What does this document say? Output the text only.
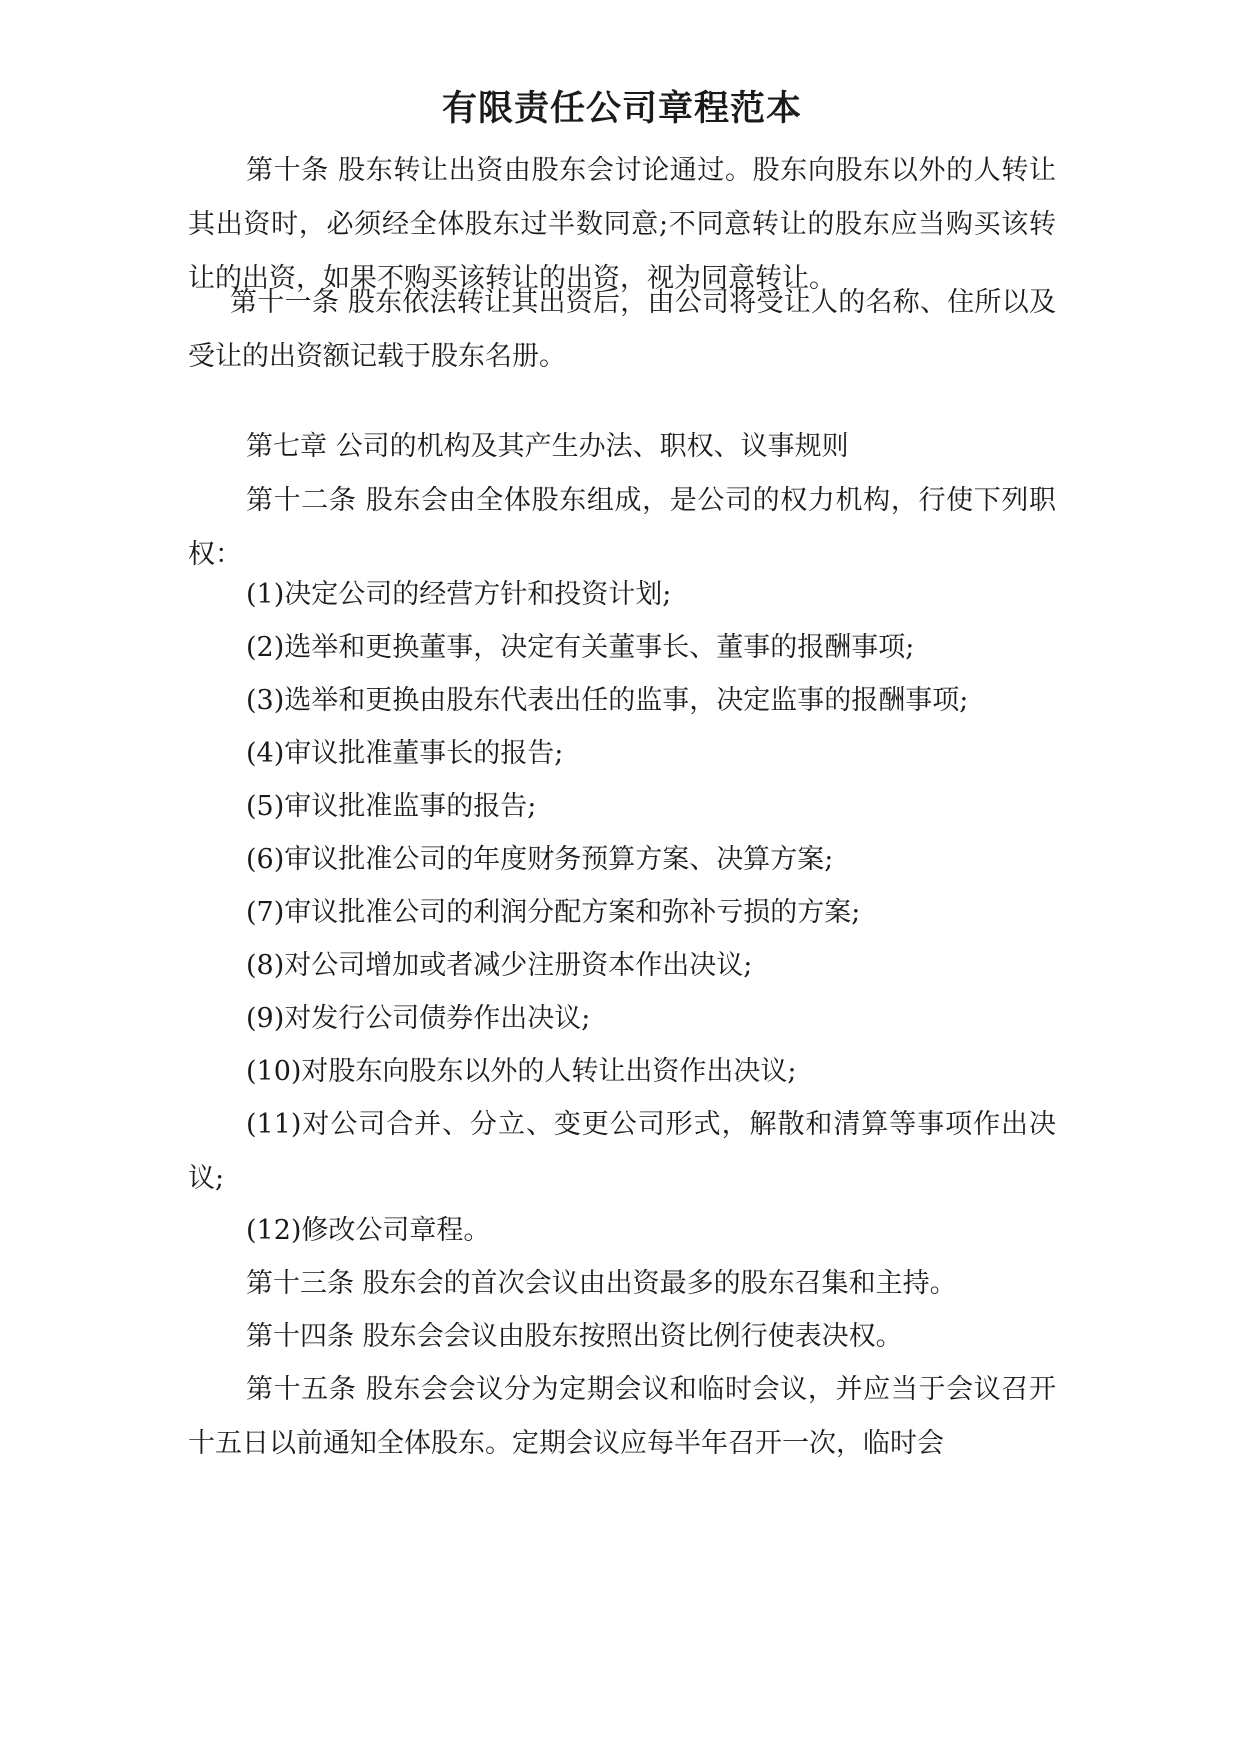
有限责任公司章程范本

第十条 股东转让出资由股东会讨论通过。股东向股东以外的人转让其出资时，必须经全体股东过半数同意;不同意转让的股东应当购买该转让的出资，如果不购买该转让的出资，视为同意转让。

第十一条 股东依法转让其出资后，由公司将受让人的名称、住所以及受让的出资额记载于股东名册。

第七章 公司的机构及其产生办法、职权、议事规则

第十二条 股东会由全体股东组成，是公司的权力机构，行使下列职权：

(1)决定公司的经营方针和投资计划;

(2)选举和更换董事，决定有关董事长、董事的报酬事项;

(3)选举和更换由股东代表出任的监事，决定监事的报酬事项;

(4)审议批准董事长的报告;

(5)审议批准监事的报告;

(6)审议批准公司的年度财务预算方案、决算方案;

(7)审议批准公司的利润分配方案和弥补亏损的方案;

(8)对公司增加或者减少注册资本作出决议;

(9)对发行公司债券作出决议;

(10)对股东向股东以外的人转让出资作出决议;

(11)对公司合并、分立、变更公司形式，解散和清算等事项作出决议;

(12)修改公司章程。

第十三条 股东会的首次会议由出资最多的股东召集和主持。

第十四条 股东会会议由股东按照出资比例行使表决权。

第十五条 股东会会议分为定期会议和临时会议，并应当于会议召开十五日以前通知全体股东。定期会议应每半年召开一次，临时会
